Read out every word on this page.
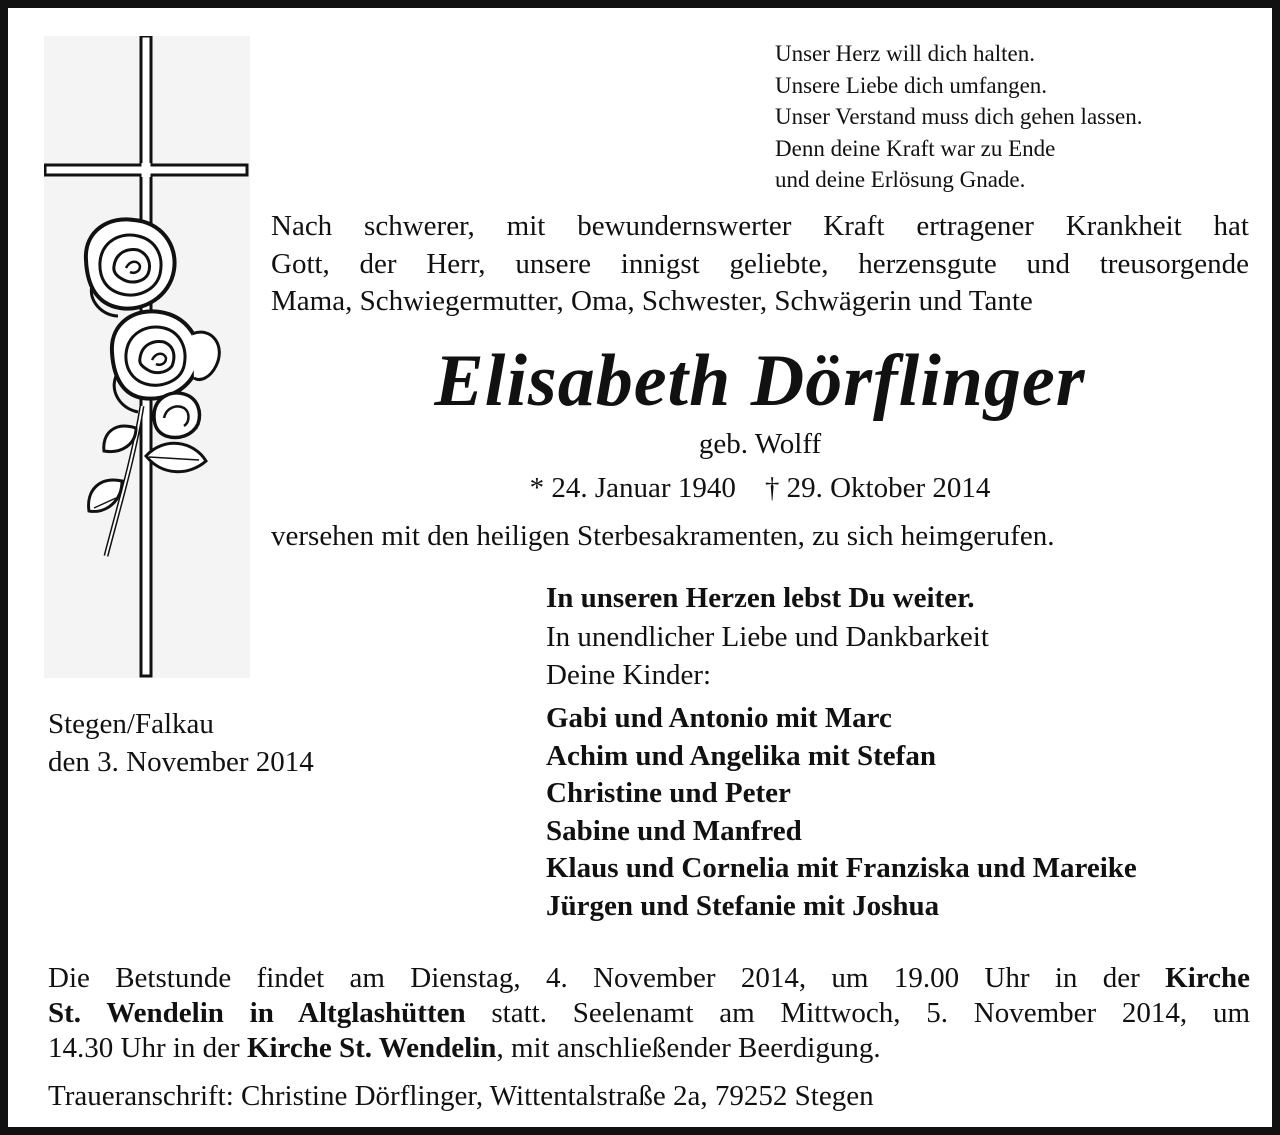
Unser Herz will dich halten.
Unsere Liebe dich umfangen.
Unser Verstand muss dich gehen lassen.
Denn deine Kraft war zu Ende
und deine Erlösung Gnade.
Nach schwerer, mit bewundernswerter Kraft ertragener Krankheit hat
Gott, der Herr, unsere innigst geliebte, herzensgute und treusorgende
Mama, Schwiegermutter, Oma, Schwester, Schwägerin und Tante
Elisabeth Dörflinger
geb. Wolff
* 24. Januar 1940    † 29. Oktober 2014
versehen mit den heiligen Sterbesakramenten, zu sich heimgerufen.
In unseren Herzen lebst Du weiter.
In unendlicher Liebe und Dankbarkeit
Deine Kinder:
Gabi und Antonio mit Marc
Achim und Angelika mit Stefan
Christine und Peter
Sabine und Manfred
Klaus und Cornelia mit Franziska und Mareike
Jürgen und Stefanie mit Joshua
Stegen/Falkau
den 3. November 2014
Die Betstunde findet am Dienstag, 4. November 2014, um 19.00 Uhr in der Kirche
St. Wendelin in Altglashütten statt. Seelenamt am Mittwoch, 5. November 2014, um
14.30 Uhr in der Kirche St. Wendelin, mit anschließender Beerdigung.
Traueranschrift: Christine Dörflinger, Wittentalstraße 2a, 79252 Stegen
